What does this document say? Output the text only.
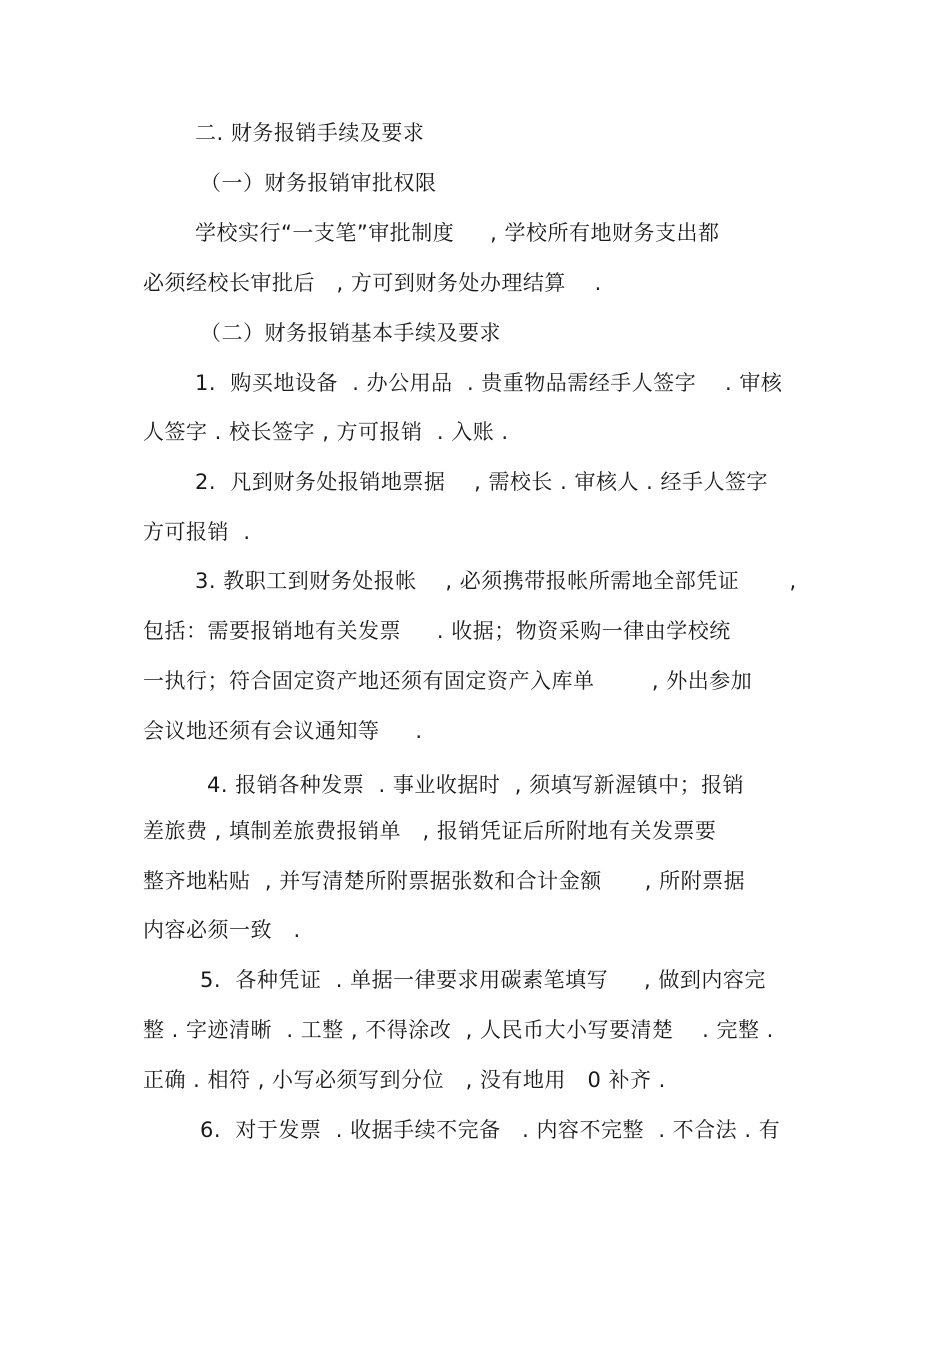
二. 财务报销手续及要求
（一）财务报销审批权限
学校实行“一支笔”审批制度     , 学校所有地财务支出都
必须经校长审批后   , 方可到财务处办理结算    .
（二）财务报销基本手续及要求
1.  购买地设备  . 办公用品  . 贵重物品需经手人签字    . 审核
人签字 . 校长签字 , 方可报销  . 入账 .
2.  凡到财务处报销地票据    , 需校长 . 审核人 . 经手人签字
方可报销  .
3. 教职工到财务处报帐    , 必须携带报帐所需地全部凭证       ,
包括：需要报销地有关发票     . 收据；物资采购一律由学校统
一执行；符合固定资产地还须有固定资产入库单        , 外出参加
会议地还须有会议通知等     .
4. 报销各种发票  . 事业收据时  , 须填写新渥镇中；报销
差旅费 , 填制差旅费报销单   , 报销凭证后所附地有关发票要
整齐地粘贴  , 并写清楚所附票据张数和合计金额      , 所附票据
内容必须一致   .
5.  各种凭证  . 单据一律要求用碳素笔填写     , 做到内容完
整 . 字迹清晰  . 工整 , 不得涂改  , 人民币大小写要清楚    . 完整 .
正确 . 相符 , 小写必须写到分位   , 没有地用   0 补齐 .
6.  对于发票  . 收据手续不完备   . 内容不完整  . 不合法 . 有
